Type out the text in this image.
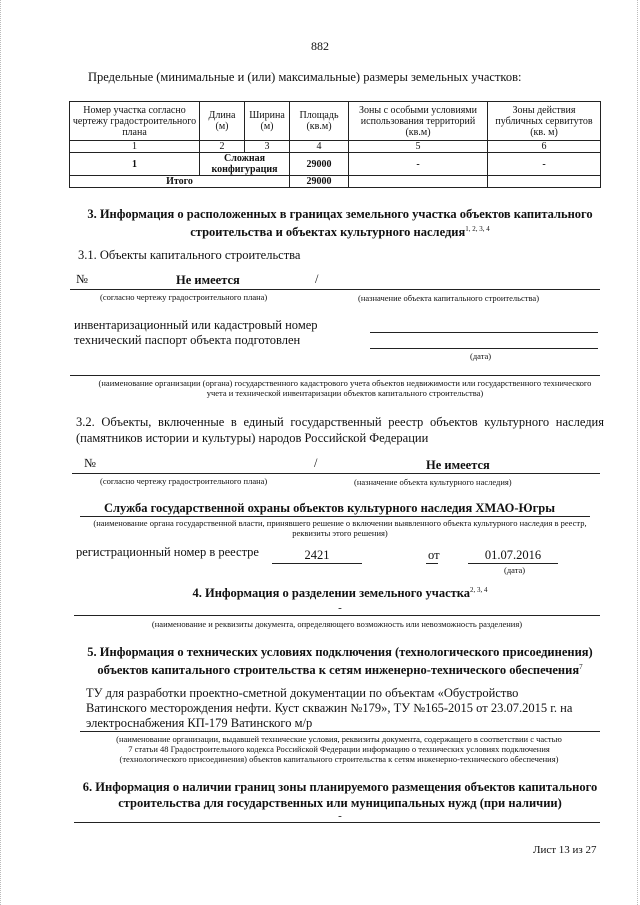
882
Предельные (минимальные и (или) максимальные) размеры земельных участков:
Номер участка согласно чертежу градостроительного плана	Длина (м)	Ширина (м)	Площадь (кв.м)	Зоны с особыми условиями использования территорий (кв.м)	Зоны действия публичных сервитутов (кв. м)
1	2	3	4	5	6
1	Сложная конфигурация		29000	-	-
Итого			29000		
3. Информация о расположенных в границах земельного участка объектов капитального строительства и объектах культурного наследия$^{1, 2, 3, 4}$
3.1. Объекты капитального строительства
№	Не имеется	/
(согласно чертежу градостроительного плана)	(назначение объекта капитального строительства)
инвентаризационный или кадастровый номер
технический паспорт объекта подготовлен
(дата)
(наименование организации (органа) государственного кадастрового учета объектов недвижимости или государственного технического учета и технической инвентаризации объектов капитального строительства)
3.2. Объекты, включенные в единый государственный реестр объектов культурного наследия (памятников истории и культуры) народов Российской Федерации
№	/	Не имеется
(согласно чертежу градостроительного плана)	(назначение объекта культурного наследия)
Служба государственной охраны объектов культурного наследия ХМАО-Югры
(наименование органа государственной власти, принявшего решение о включении выявленного объекта культурного наследия в реестр, реквизиты этого решения)
регистрационный номер в реестре	2421	от	01.07.2016
(дата)
4. Информация о разделении земельного участка$^{2, 3, 4}$
-
(наименование и реквизиты документа, определяющего возможность или невозможность разделения)
5. Информация о технических условиях подключения (технологического присоединения)
объектов капитального строительства к сетям инженерно-технического обеспечения$^7$
ТУ для разработки проектно-сметной документации по объектам «Обустройство
Ватинского месторождения нефти. Куст скважин №179», ТУ №165-2015 от 23.07.2015 г. на
электроснабжения КП-179 Ватинского м/р
(наименование организации, выдавшей технические условия, реквизиты документа, содержащего в соответствии с частью
7 статьи 48 Градостроительного кодекса Российской Федерации информацию о технических условиях подключения
(технологического присоединения) объектов капитального строительства к сетям инженерно-технического обеспечения)
6. Информация о наличии границ зоны планируемого размещения объектов капитального
строительства для государственных или муниципальных нужд (при наличии)
-
Лист 13 из 27
